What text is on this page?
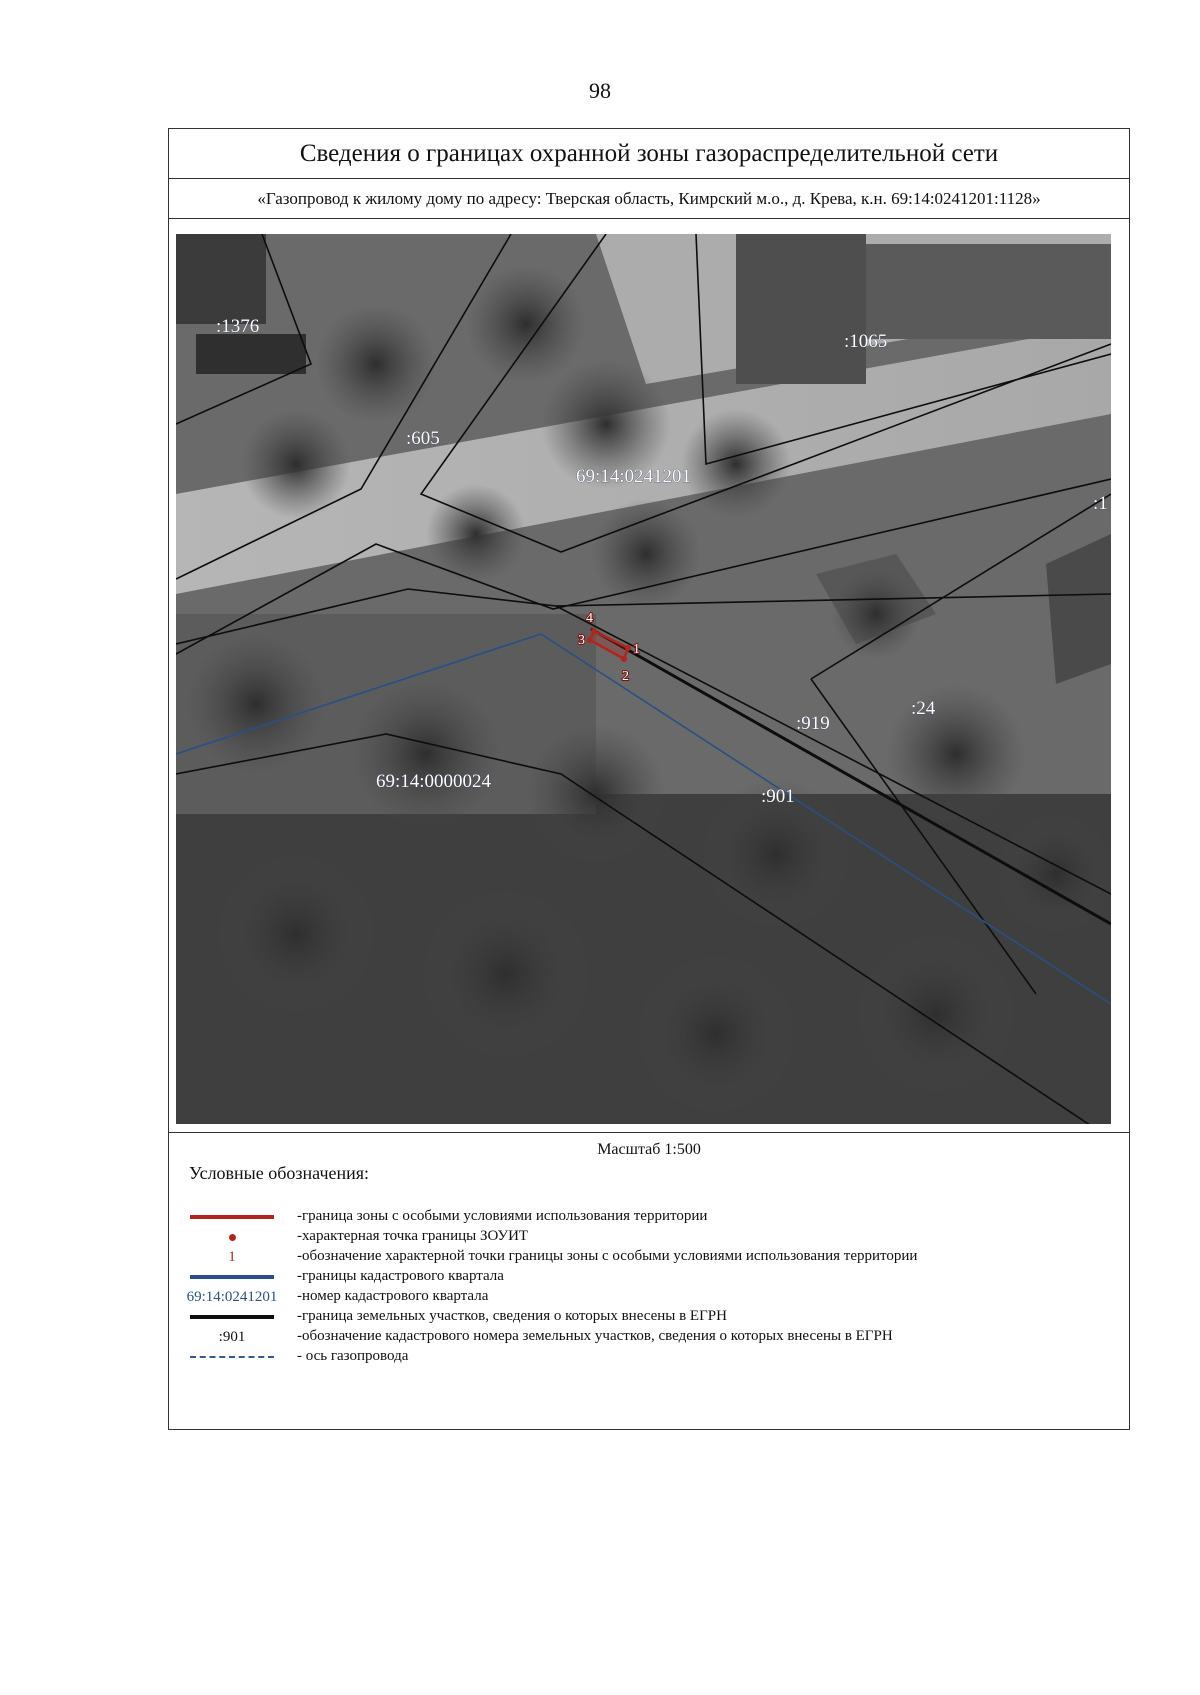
98
Сведения о границах охранной зоны газораспределительной сети
«Газопровод к жилому дому по адресу: Тверская область, Кимрский м.о., д. Крева, к.н. 69:14:0241201:1128»
1
2
3
4
:1376
:1065
:605
69:14:0241201
:1
:919
:24
69:14:0000024
:901
Масштаб 1:500
Условные обозначения:
-граница зоны с особыми условиями использования территории
-характерная точка границы ЗОУИТ
1	-обозначение характерной точки границы зоны с особыми условиями использования территории
-границы кадастрового квартала
69:14:0241201 -номер кадастрового квартала
-граница земельных участков, сведения о которых внесены в ЕГРН
:901	-обозначение кадастрового номера земельных участков, сведения о которых внесены в ЕГРН
- ось газопровода
